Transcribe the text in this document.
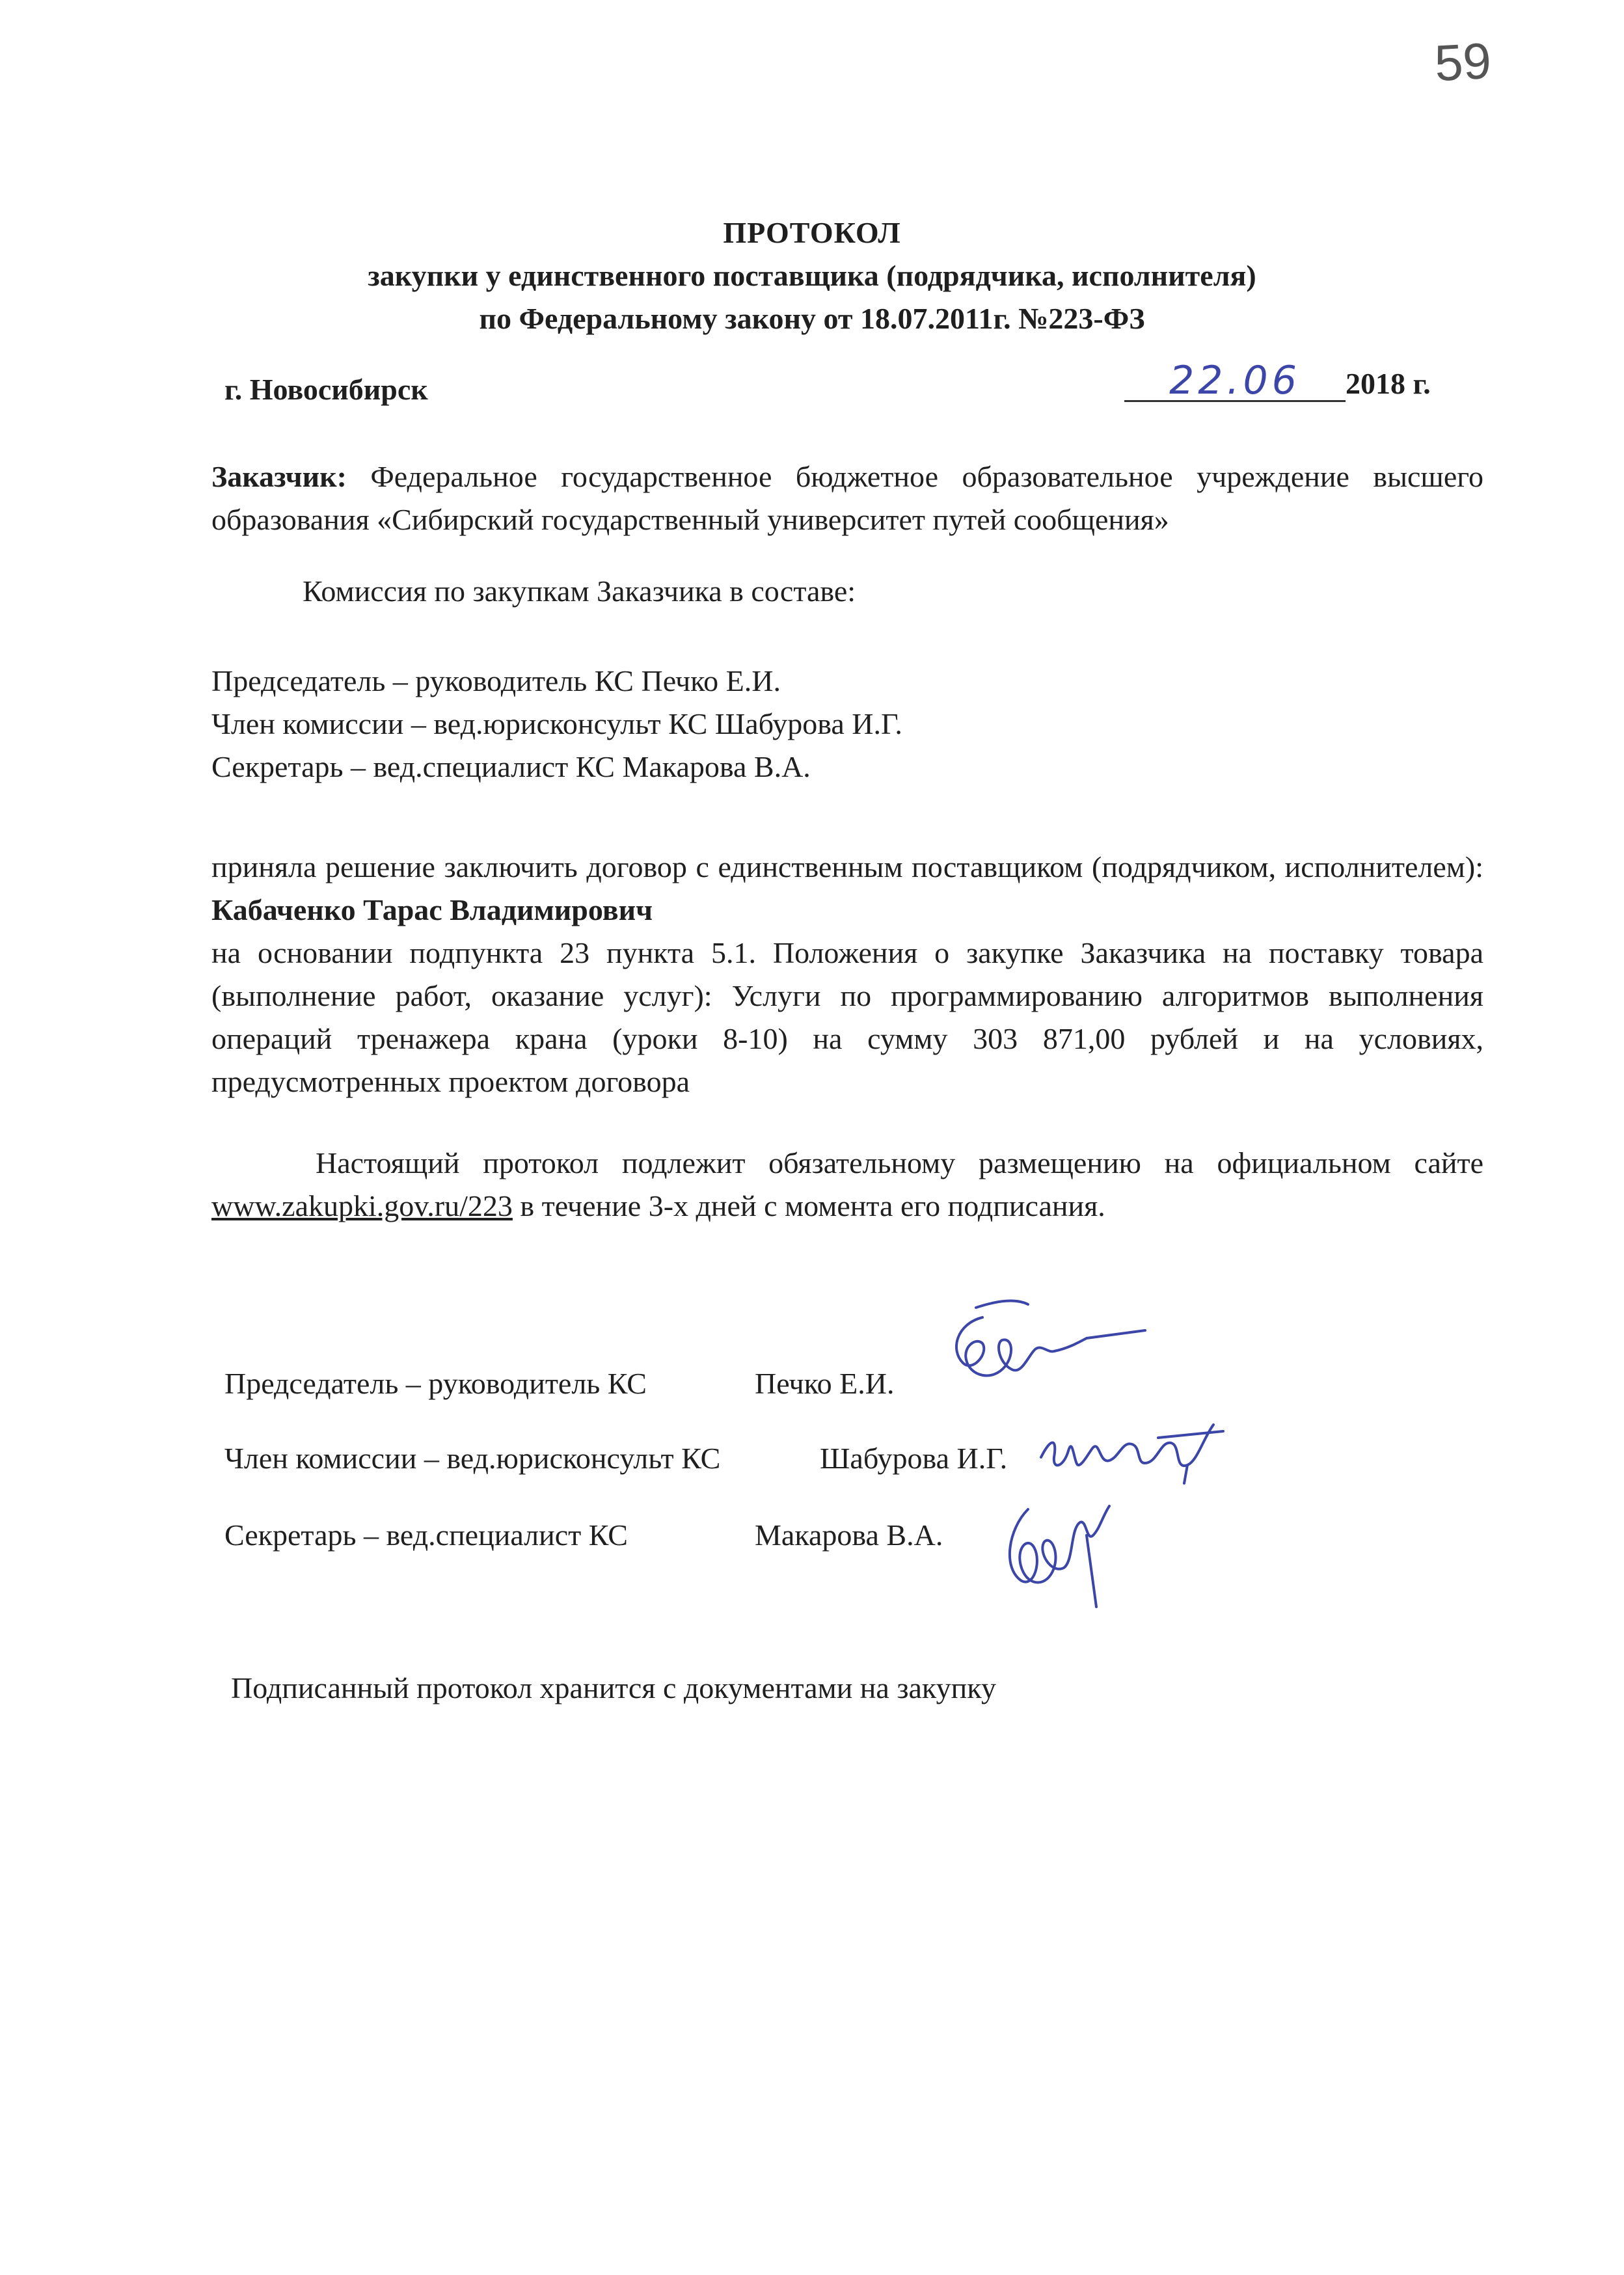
59
ПРОТОКОЛ
закупки у единственного поставщика (подрядчика, исполнителя)
по Федеральному закону от 18.07.2011г. №223-ФЗ
г. Новосибирск	22.06 2018 г.
Заказчик: Федеральное государственное бюджетное образовательное учреждение высшего образования «Сибирский государственный университет путей сообщения»
Комиссия по закупкам Заказчика в составе:
Председатель – руководитель КС Печко Е.И.
Член комиссии – вед.юрисконсульт КС Шабурова И.Г.
Секретарь – вед.специалист КС Макарова В.А.
приняла решение заключить договор с единственным поставщиком (подрядчиком, исполнителем): Кабаченко Тарас Владимирович
на основании подпункта 23 пункта 5.1. Положения о закупке Заказчика на поставку товара (выполнение работ, оказание услуг): Услуги по программированию алгоритмов выполнения операций тренажера крана (уроки 8-10) на сумму 303 871,00 рублей и на условиях, предусмотренных проектом договора
Настоящий протокол подлежит обязательному размещению на официальном сайте www.zakupki.gov.ru/223 в течение 3-х дней с момента его подписания.
Председатель – руководитель КС	Печко Е.И.
Член комиссии – вед.юрисконсульт КС	Шабурова И.Г.
Секретарь – вед.специалист КС	Макарова В.А.
Подписанный протокол хранится с документами на закупку
